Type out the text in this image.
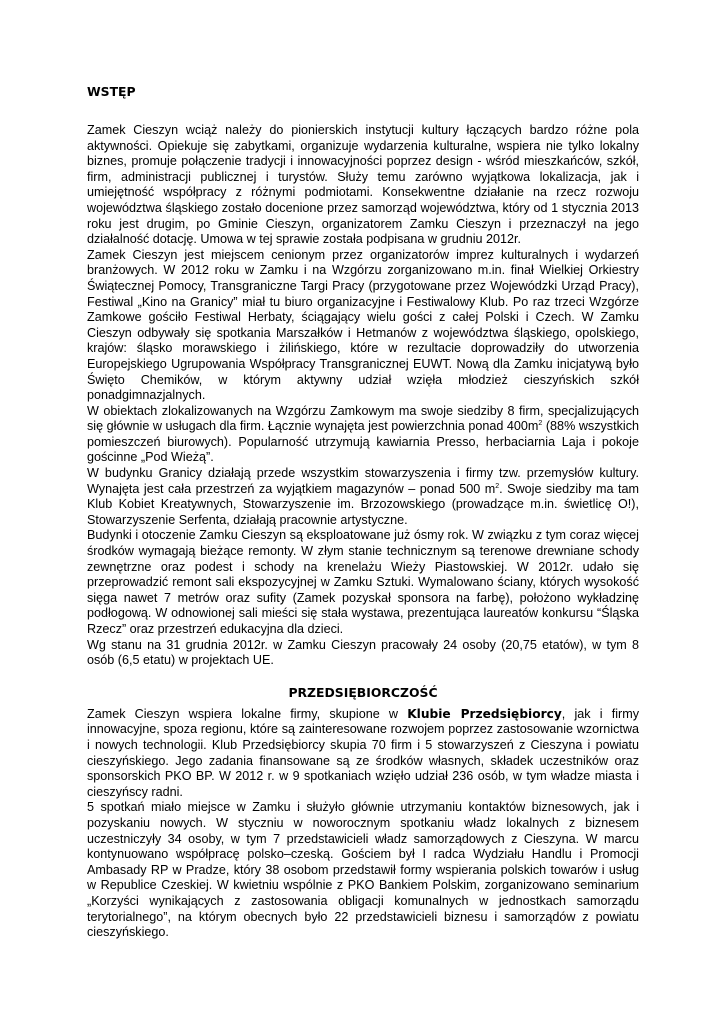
WSTĘP

Zamek Cieszyn wciąż należy do pionierskich instytucji kultury łączących bardzo różne pola aktywności. Opiekuje się zabytkami, organizuje wydarzenia kulturalne, wspiera nie tylko lokalny biznes, promuje połączenie tradycji i innowacyjności poprzez design - wśród mieszkańców, szkół, firm, administracji publicznej i turystów. Służy temu zarówno wyjątkowa lokalizacja, jak i umiejętność współpracy z różnymi podmiotami. Konsekwentne działanie na rzecz rozwoju województwa śląskiego zostało docenione przez samorząd województwa, który od 1 stycznia 2013 roku jest drugim, po Gminie Cieszyn, organizatorem Zamku Cieszyn i przeznaczył na jego działalność dotację. Umowa w tej sprawie została podpisana w grudniu 2012r.

Zamek Cieszyn jest miejscem cenionym przez organizatorów imprez kulturalnych i wydarzeń branżowych. W 2012 roku w Zamku i na Wzgórzu zorganizowano m.in. finał Wielkiej Orkiestry Świątecznej Pomocy, Transgraniczne Targi Pracy (przygotowane przez Wojewódzki Urząd Pracy), Festiwal „Kino na Granicy” miał tu biuro organizacyjne i Festiwalowy Klub. Po raz trzeci Wzgórze Zamkowe gościło Festiwal Herbaty, ściągający wielu gości z całej Polski i Czech. W Zamku Cieszyn odbywały się spotkania Marszałków i Hetmanów z województwa śląskiego, opolskiego, krajów: śląsko morawskiego i żilińskiego, które w rezultacie doprowadziły do utworzenia Europejskiego Ugrupowania Współpracy Transgranicznej EUWT. Nową dla Zamku inicjatywą było Święto Chemików, w którym aktywny udział wzięła młodzież cieszyńskich szkół ponadgimnazjalnych.

W obiektach zlokalizowanych na Wzgórzu Zamkowym ma swoje siedziby 8 firm, specjalizujących się głównie w usługach dla firm. Łącznie wynajęta jest powierzchnia ponad $400m^2$ (88% wszystkich pomieszczeń biurowych). Popularność utrzymują kawiarnia Presso, herbaciarnia Laja i pokoje gościnne „Pod Wieżą”.

W budynku Granicy działają przede wszystkim stowarzyszenia i firmy tzw. przemysłów kultury. Wynajęta jest cała przestrzeń za wyjątkiem magazynów – ponad 500 $m^2$. Swoje siedziby ma tam Klub Kobiet Kreatywnych, Stowarzyszenie im. Brzozowskiego (prowadzące m.in. świetlicę O!), Stowarzyszenie Serfenta, działają pracownie artystyczne.

Budynki i otoczenie Zamku Cieszyn są eksploatowane już ósmy rok. W związku z tym coraz więcej środków wymagają bieżące remonty. W złym stanie technicznym są terenowe drewniane schody zewnętrzne oraz podest i schody na krenelażu Wieży Piastowskiej. W 2012r. udało się przeprowadzić remont sali ekspozycyjnej w Zamku Sztuki. Wymalowano ściany, których wysokość sięga nawet 7 metrów oraz sufity (Zamek pozyskał sponsora na farbę), położono wykładzinę podłogową. W odnowionej sali mieści się stała wystawa, prezentująca laureatów konkursu “Śląska Rzecz” oraz przestrzeń edukacyjna dla dzieci.

Wg stanu na 31 grudnia 2012r. w Zamku Cieszyn pracowały 24 osoby (20,75 etatów), w tym 8 osób (6,5 etatu) w projektach UE.

PRZEDSIĘBIORCZOŚĆ

Zamek Cieszyn wspiera lokalne firmy, skupione w Klubie Przedsiębiorcy, jak i firmy innowacyjne, spoza regionu, które są zainteresowane rozwojem poprzez zastosowanie wzornictwa i nowych technologii. Klub Przedsiębiorcy skupia 70 firm i 5 stowarzyszeń z Cieszyna i powiatu cieszyńskiego. Jego zadania finansowane są ze środków własnych, składek uczestników oraz sponsorskich PKO BP. W 2012 r. w 9 spotkaniach wzięło udział 236 osób, w tym władze miasta i cieszyńscy radni.

5 spotkań miało miejsce w Zamku i służyło głównie utrzymaniu kontaktów biznesowych, jak i pozyskaniu nowych. W styczniu w noworocznym spotkaniu władz lokalnych z biznesem uczestniczyły 34 osoby, w tym 7 przedstawicieli władz samorządowych z Cieszyna. W marcu kontynuowano współpracę polsko–czeską. Gościem był I radca Wydziału Handlu i Promocji Ambasady RP w Pradze, który 38 osobom przedstawił formy wspierania polskich towarów i usług w Republice Czeskiej. W kwietniu wspólnie z PKO Bankiem Polskim, zorganizowano seminarium „Korzyści wynikających z zastosowania obligacji komunalnych w jednostkach samorządu terytorialnego”, na którym obecnych było 22 przedstawicieli biznesu i samorządów z powiatu cieszyńskiego.
